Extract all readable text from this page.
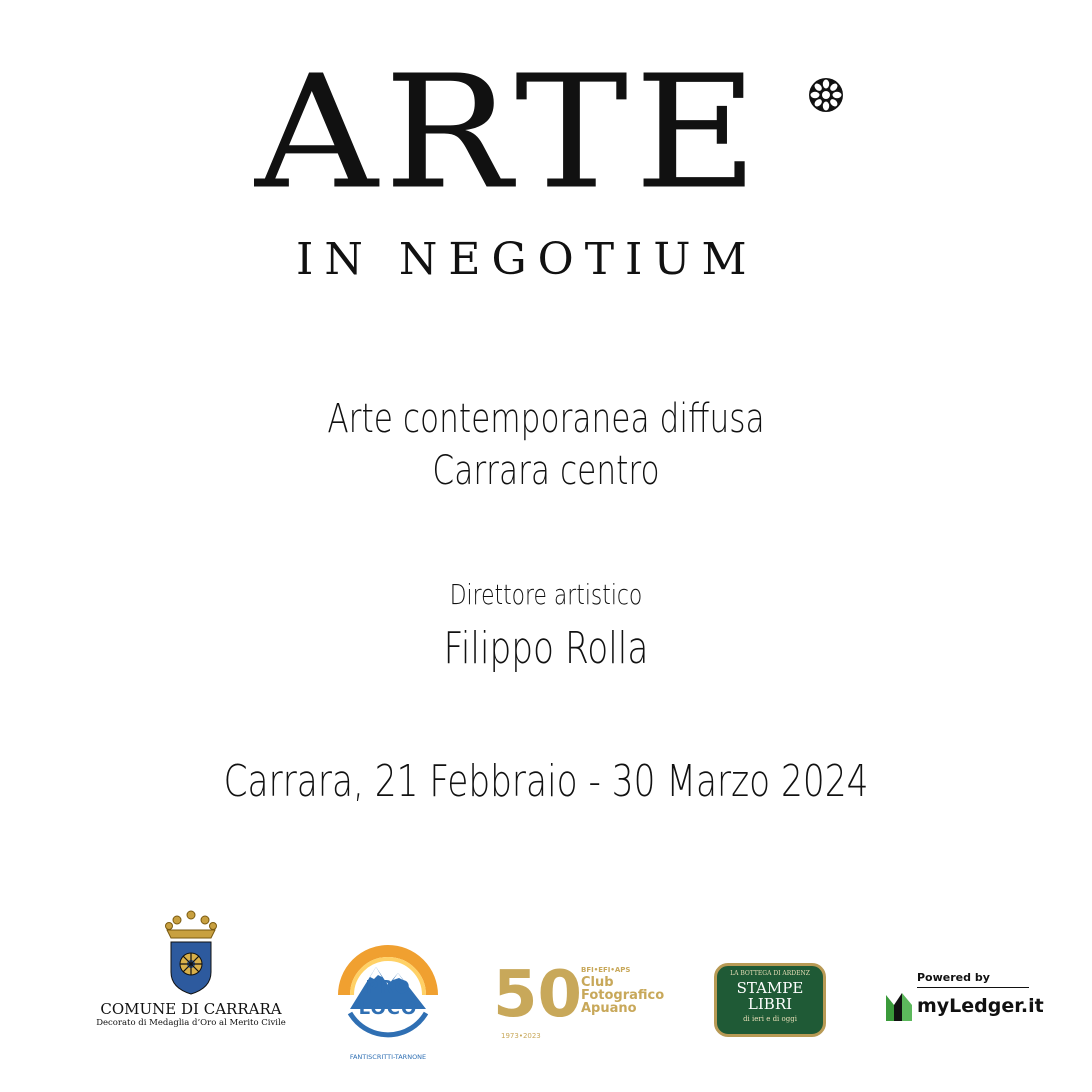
ARTE
IN NEGOTIUM
Arte contemporanea diffusa
Carrara centro
Direttore artistico
Filippo Rolla
Carrara, 21 Febbraio - 30 Marzo 2024
COMUNE DI CARRARA
Decorato di Medaglia d’Oro al Merito Civile
PRO LOCO
FANTISCRITTI-TARNONE
50
BFI•EFI•APS
Club Fotografico Apuano
1973•2023
LA BOTTEGA DI ARDENZ
STAMPE LIBRI
di ieri e di oggi
Powered by
myLedger.it
